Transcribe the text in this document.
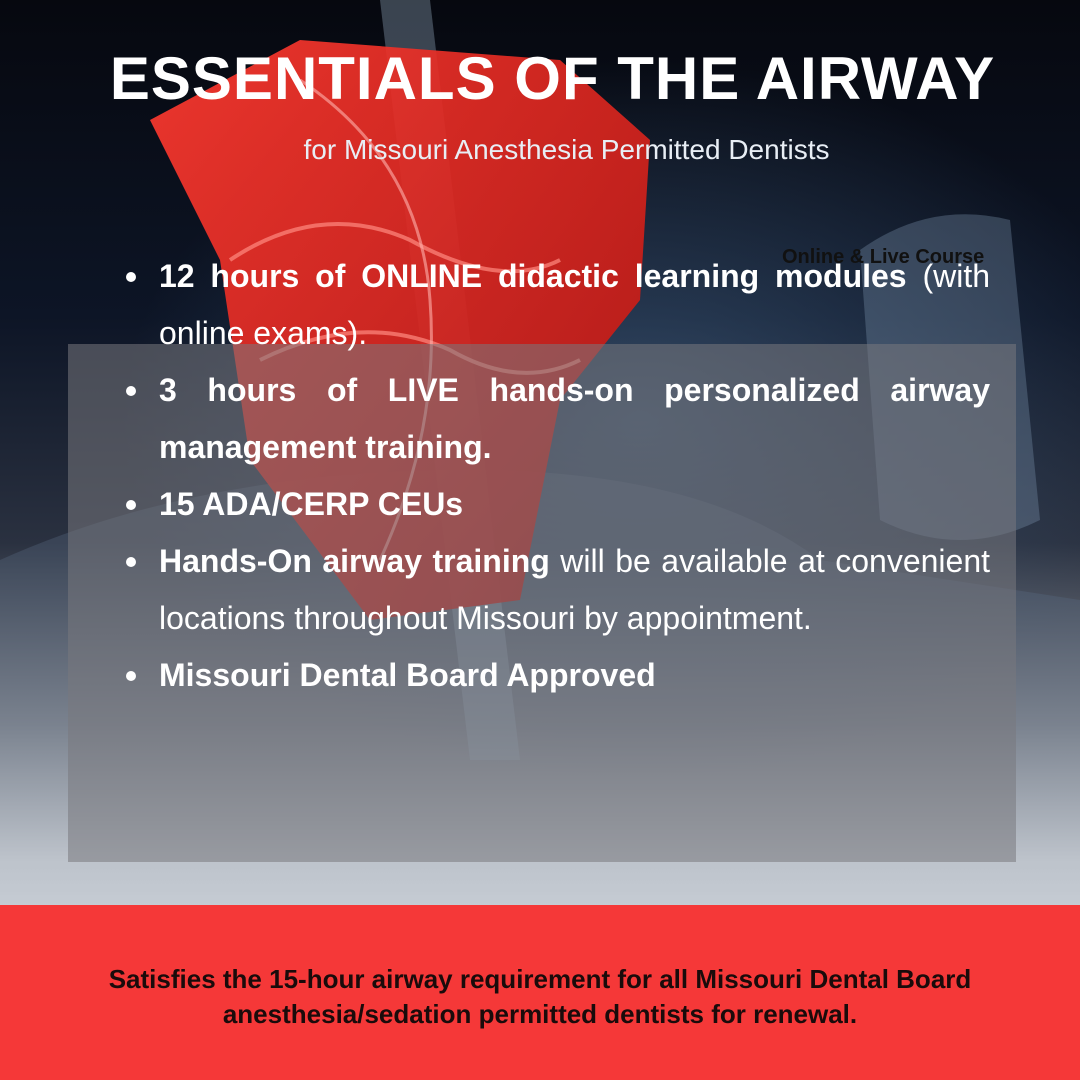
ESSENTIALS OF THE AIRWAY

for Missouri Anesthesia Permitted Dentists

Online & Live Course
12 hours of ONLINE didactic learning modules (with online exams).
3 hours of LIVE hands-on personalized airway management training.
15 ADA/CERP CEUs
Hands-On airway training will be available at convenient locations throughout Missouri by appointment.
Missouri Dental Board Approved

Satisfies the 15-hour airway requirement for all Missouri Dental Board anesthesia/sedation permitted dentists for renewal.
